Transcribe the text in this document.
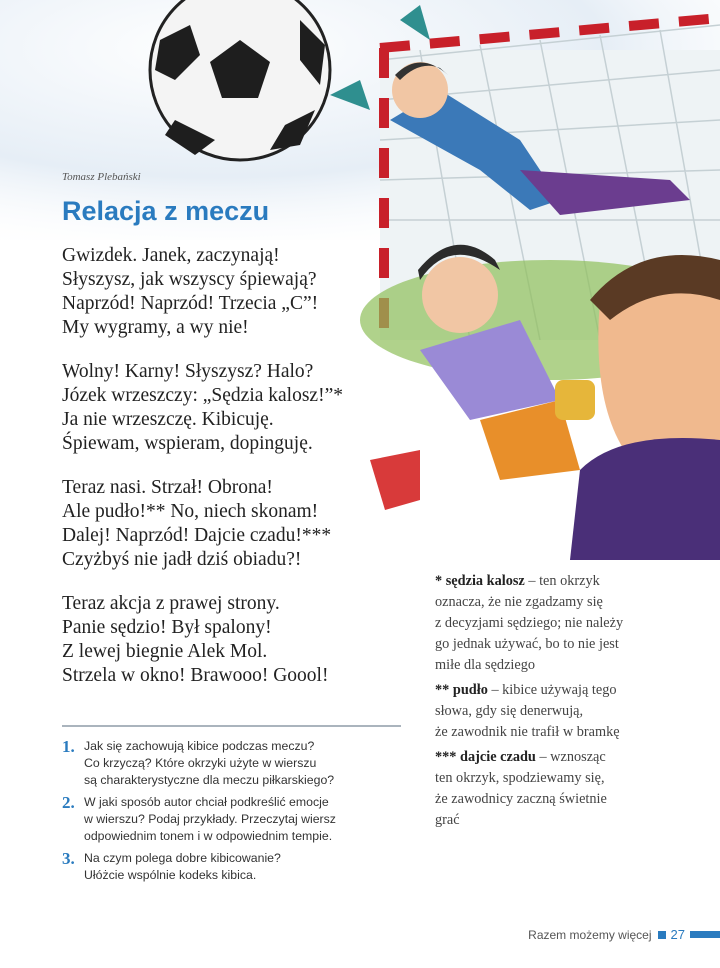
Tomasz Plebański
Relacja z meczu
Gwizdek. Janek, zaczynają!
Słyszysz, jak wszyscy śpiewają?
Naprzód! Naprzód! Trzecia „C”!
My wygramy, a wy nie!
Wolny! Karny! Słyszysz? Halo?
Józek wrzeszczy: „Sędzia kalosz!”*
Ja nie wrzeszczę. Kibicuję.
Śpiewam, wspieram, dopinguję.
Teraz nasi. Strzał! Obrona!
Ale pudło!** No, niech skonam!
Dalej! Naprzód! Dajcie czadu!***
Czyżbyś nie jadł dziś obiadu?!
Teraz akcja z prawej strony.
Panie sędzio! Był spalony!
Z lewej biegnie Alek Mol.
Strzela w okno! Brawooo! Goool!
1. Jak się zachowują kibice podczas meczu?
Co krzyczą? Które okrzyki użyte w wierszu
są charakterystyczne dla meczu piłkarskiego?
2. W jaki sposób autor chciał podkreślić emocje
w wierszu? Podaj przykłady. Przeczytaj wiersz
odpowiednim tonem i w odpowiednim tempie.
3. Na czym polega dobre kibicowanie?
Ułóżcie wspólnie kodeks kibica.
* sędzia kalosz – ten okrzyk
oznacza, że nie zgadzamy się
z decyzjami sędziego; nie należy
go jednak używać, bo to nie jest
miłe dla sędziego
** pudło – kibice używają tego
słowa, gdy się denerwują,
że zawodnik nie trafił w bramkę
*** dajcie czadu – wznosząc
ten okrzyk, spodziewamy się,
że zawodnicy zaczną świetnie
grać
Razem możemy więcej 27
